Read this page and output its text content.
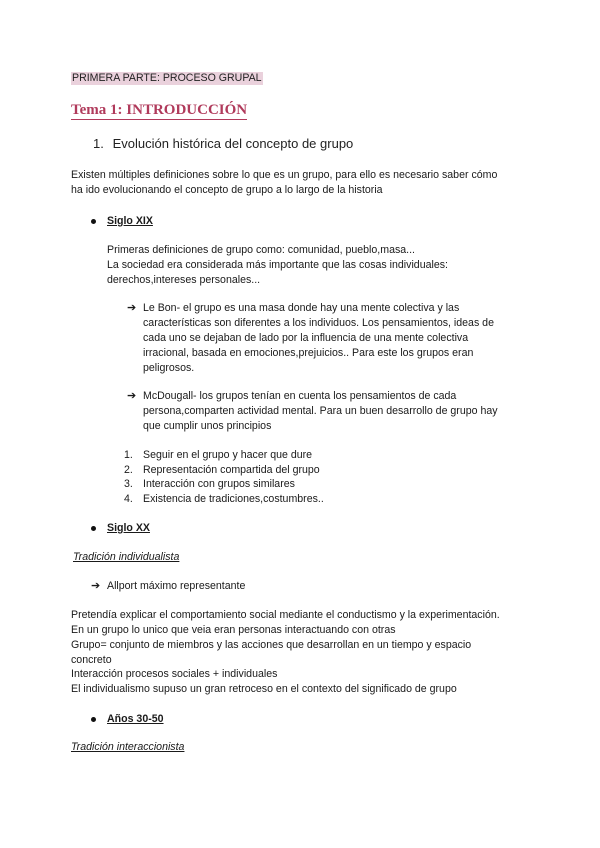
PRIMERA PARTE: PROCESO GRUPAL
Tema 1: INTRODUCCIÓN
1. Evolución histórica del concepto de grupo
Existen múltiples definiciones sobre lo que es un grupo, para ello es necesario saber cómo
ha ido evolucionando el concepto de grupo a lo largo de la historia
Siglo XIX
Primeras definiciones de grupo como: comunidad, pueblo,masa...
La sociedad era considerada más importante que las cosas individuales:
derechos,intereses personales...
➔ Le Bon- el grupo es una masa donde hay una mente colectiva y las
características son diferentes a los individuos. Los pensamientos, ideas de
cada uno se dejaban de lado por la influencia de una mente colectiva
irracional, basada en emociones,prejuicios.. Para este los grupos eran
peligrosos.
➔ McDougall- los grupos tenían en cuenta los pensamientos de cada
persona,comparten actividad mental. Para un buen desarrollo de grupo hay
que cumplir unos principios
1. Seguir en el grupo y hacer que dure
2. Representación compartida del grupo
3. Interacción con grupos similares
4. Existencia de tradiciones,costumbres..
Siglo XX
Tradición individualista
➔ Allport máximo representante
Pretendía explicar el comportamiento social mediante el conductismo y la experimentación.
En un grupo lo unico que veia eran personas interactuando con otras
Grupo= conjunto de miembros y las acciones que desarrollan en un tiempo y espacio
concreto
Interacción procesos sociales + individuales
El individualismo supuso un gran retroceso en el contexto del significado de grupo
Años 30-50
Tradición interaccionista
